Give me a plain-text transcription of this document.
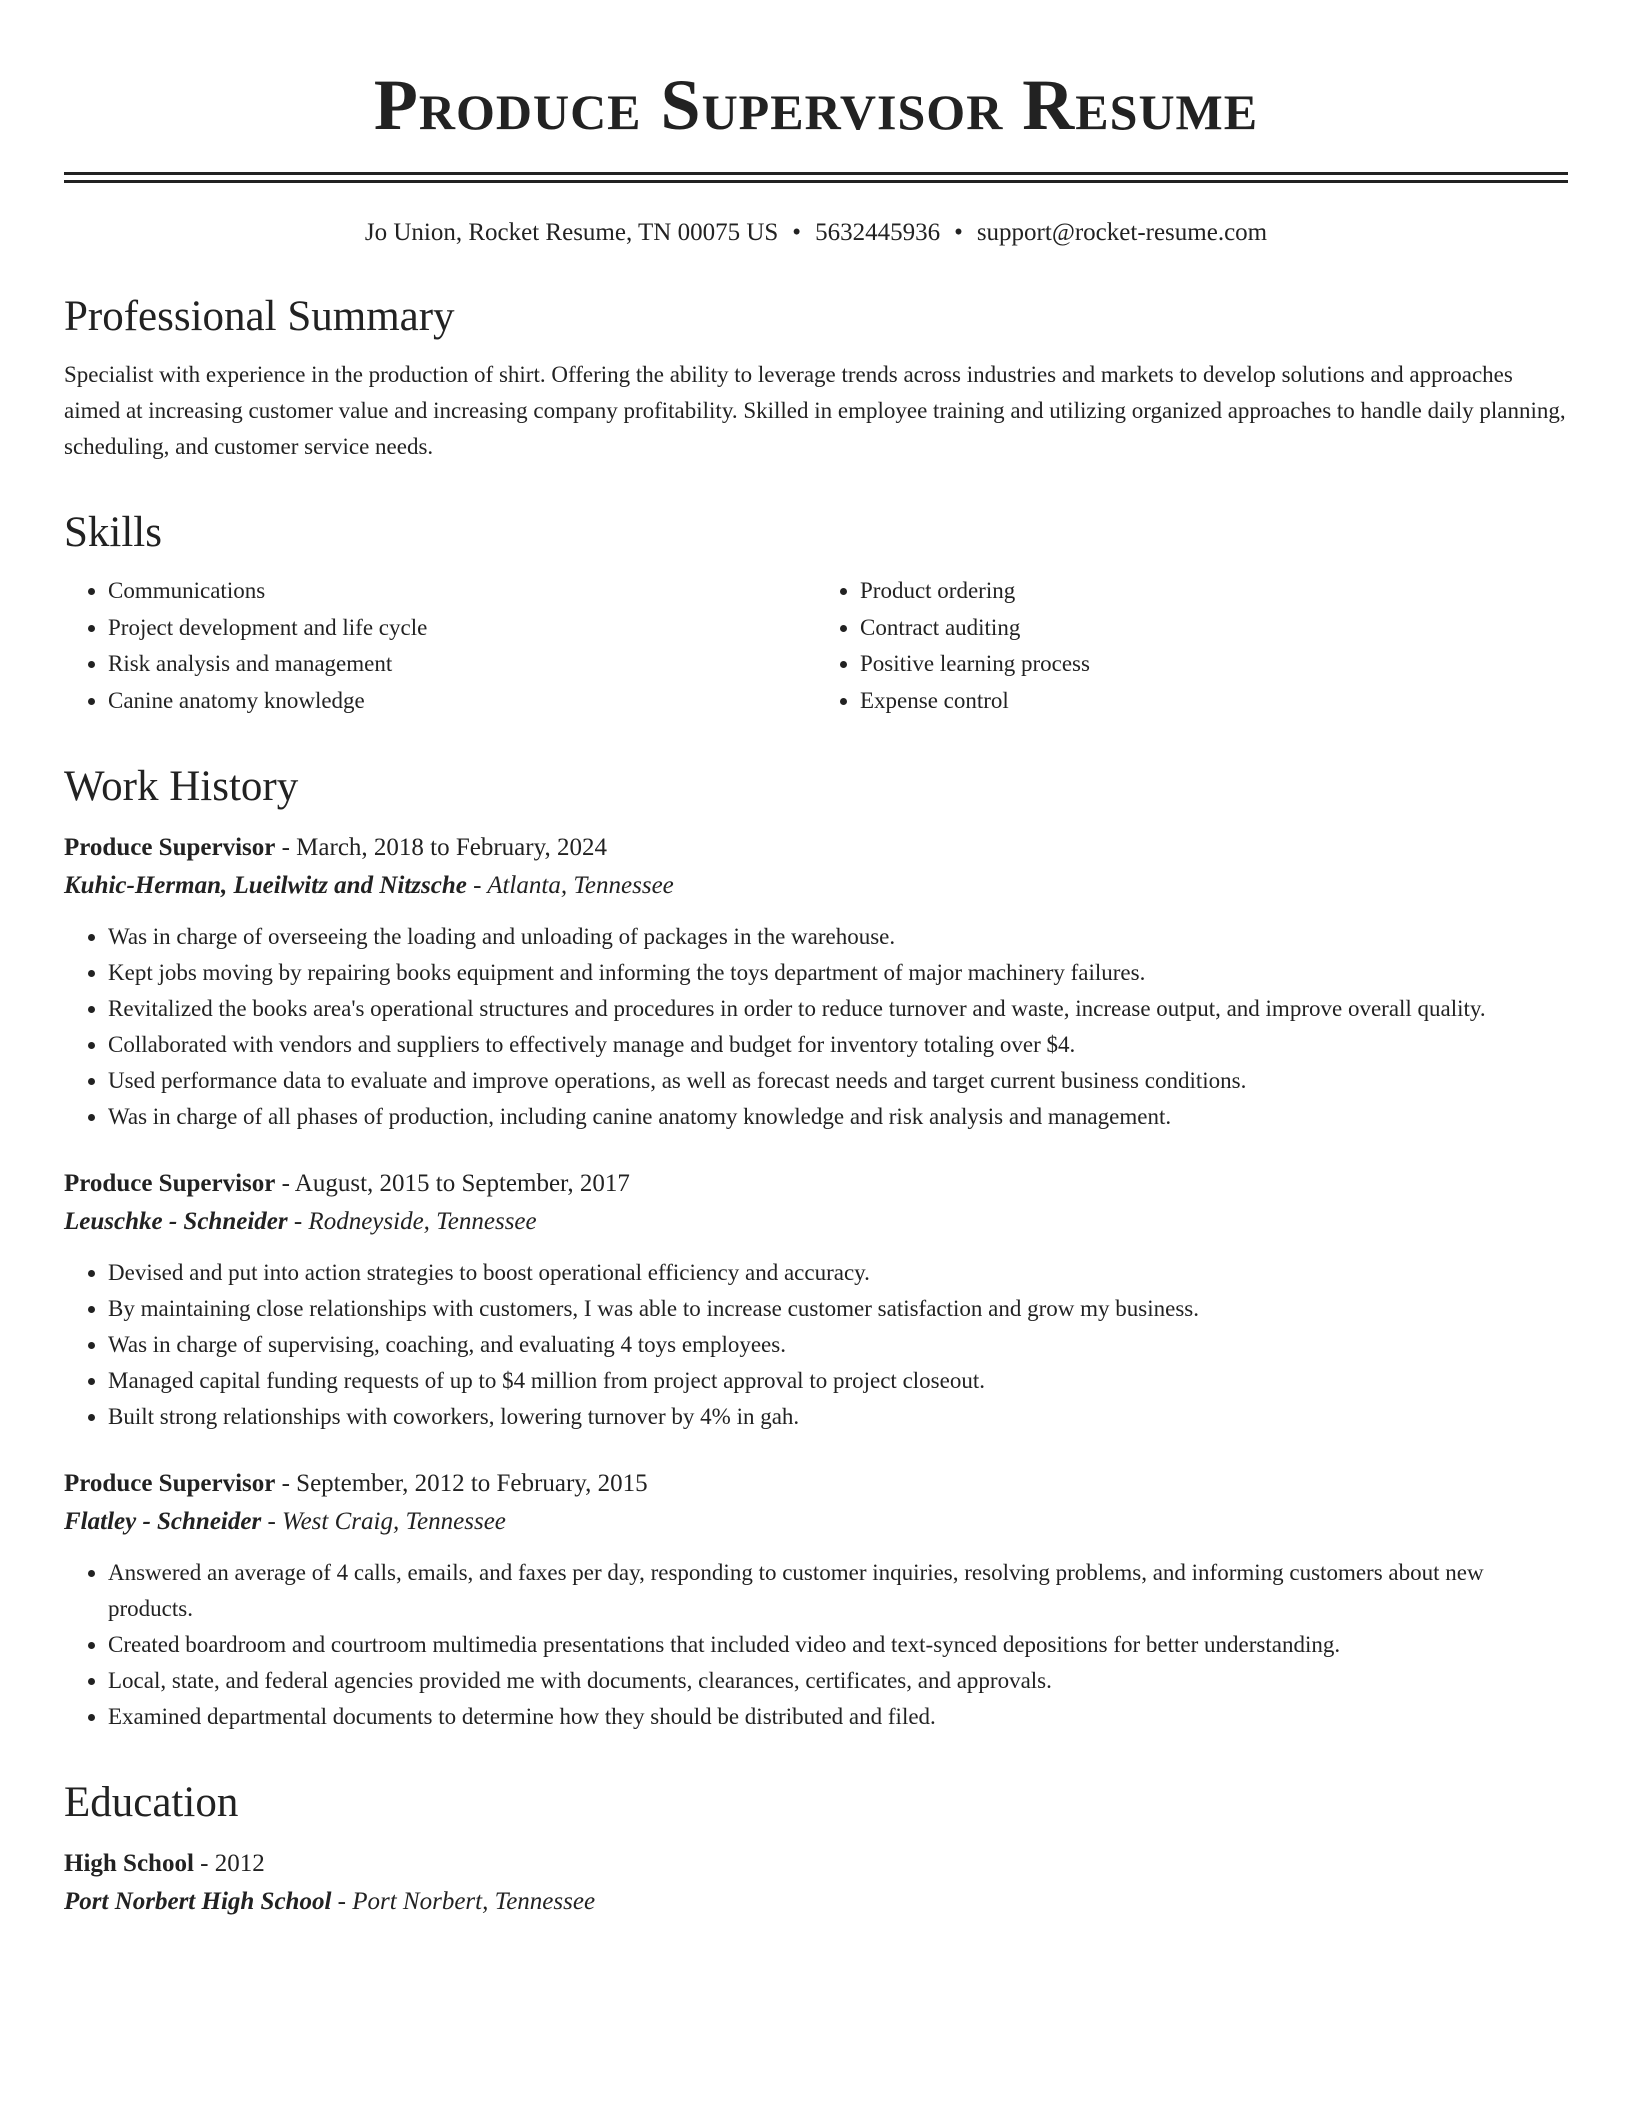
Produce Supervisor Resume
Jo Union, Rocket Resume, TN 00075 US • 5632445936 • support@rocket-resume.com
Professional Summary

Specialist with experience in the production of shirt. Offering the ability to leverage trends across industries and markets to develop solutions and approaches aimed at increasing customer value and increasing company profitability. Skilled in employee training and utilizing organized approaches to handle daily planning, scheduling, and customer service needs.

Skills
• Communications
• Project development and life cycle
• Risk analysis and management
• Canine anatomy knowledge
• Product ordering
• Contract auditing
• Positive learning process
• Expense control
Work History
Produce Supervisor - March, 2018 to February, 2024
Kuhic-Herman, Lueilwitz and Nitzsche - Atlanta, Tennessee
• Was in charge of overseeing the loading and unloading of packages in the warehouse.
• Kept jobs moving by repairing books equipment and informing the toys department of major machinery failures.
• Revitalized the books area's operational structures and procedures in order to reduce turnover and waste, increase output, and improve overall quality.
• Collaborated with vendors and suppliers to effectively manage and budget for inventory totaling over $4.
• Used performance data to evaluate and improve operations, as well as forecast needs and target current business conditions.
• Was in charge of all phases of production, including canine anatomy knowledge and risk analysis and management.
Produce Supervisor - August, 2015 to September, 2017
Leuschke - Schneider - Rodneyside, Tennessee
• Devised and put into action strategies to boost operational efficiency and accuracy.
• By maintaining close relationships with customers, I was able to increase customer satisfaction and grow my business.
• Was in charge of supervising, coaching, and evaluating 4 toys employees.
• Managed capital funding requests of up to $4 million from project approval to project closeout.
• Built strong relationships with coworkers, lowering turnover by 4% in gah.
Produce Supervisor - September, 2012 to February, 2015
Flatley - Schneider - West Craig, Tennessee
• Answered an average of 4 calls, emails, and faxes per day, responding to customer inquiries, resolving problems, and informing customers about new products.
• Created boardroom and courtroom multimedia presentations that included video and text-synced depositions for better understanding.
• Local, state, and federal agencies provided me with documents, clearances, certificates, and approvals.
• Examined departmental documents to determine how they should be distributed and filed.
Education
High School - 2012
Port Norbert High School - Port Norbert, Tennessee
